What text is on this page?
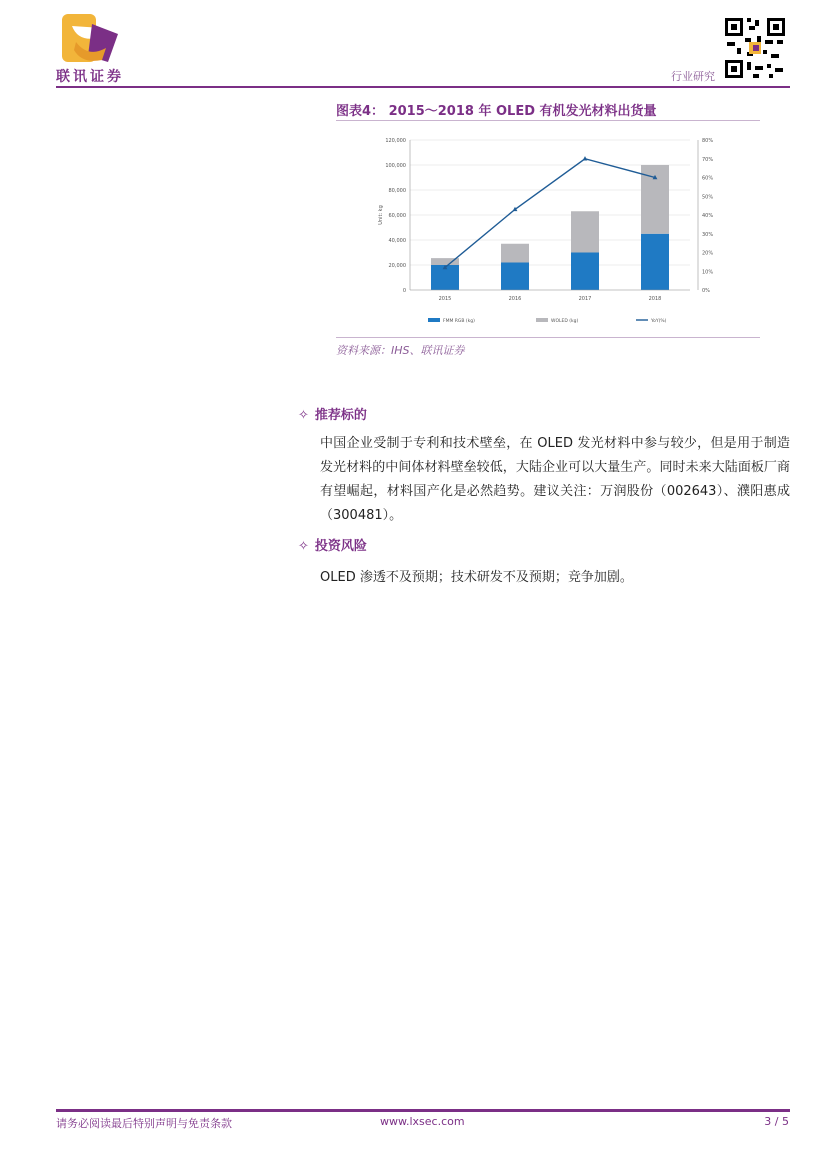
联讯证券	行业研究
图表4： 2015～2018 年 OLED 有机发光材料出货量
0
20,000
40,000
60,000
80,000
100,000
120,000
0%
10%
20%
30%
40%
50%
60%
70%
80%
Unit: kg
2015	2016	2017	2018
FMM RGB (kg)	WOLED (kg)	YoY(%)
资料来源：IHS、联讯证券
✧ 推荐标的
中国企业受制于专利和技术壁垒，在 OLED 发光材料中参与较少，但是用于制造发光材料的中间体材料壁垒较低，大陆企业可以大量生产。同时未来大陆面板厂商有望崛起，材料国产化是必然趋势。建议关注：万润股份（002643）、濮阳惠成（300481）。
✧ 投资风险
OLED 渗透不及预期；技术研发不及预期；竞争加剧。
请务必阅读最后特别声明与免责条款	www.lxsec.com	3 / 5
